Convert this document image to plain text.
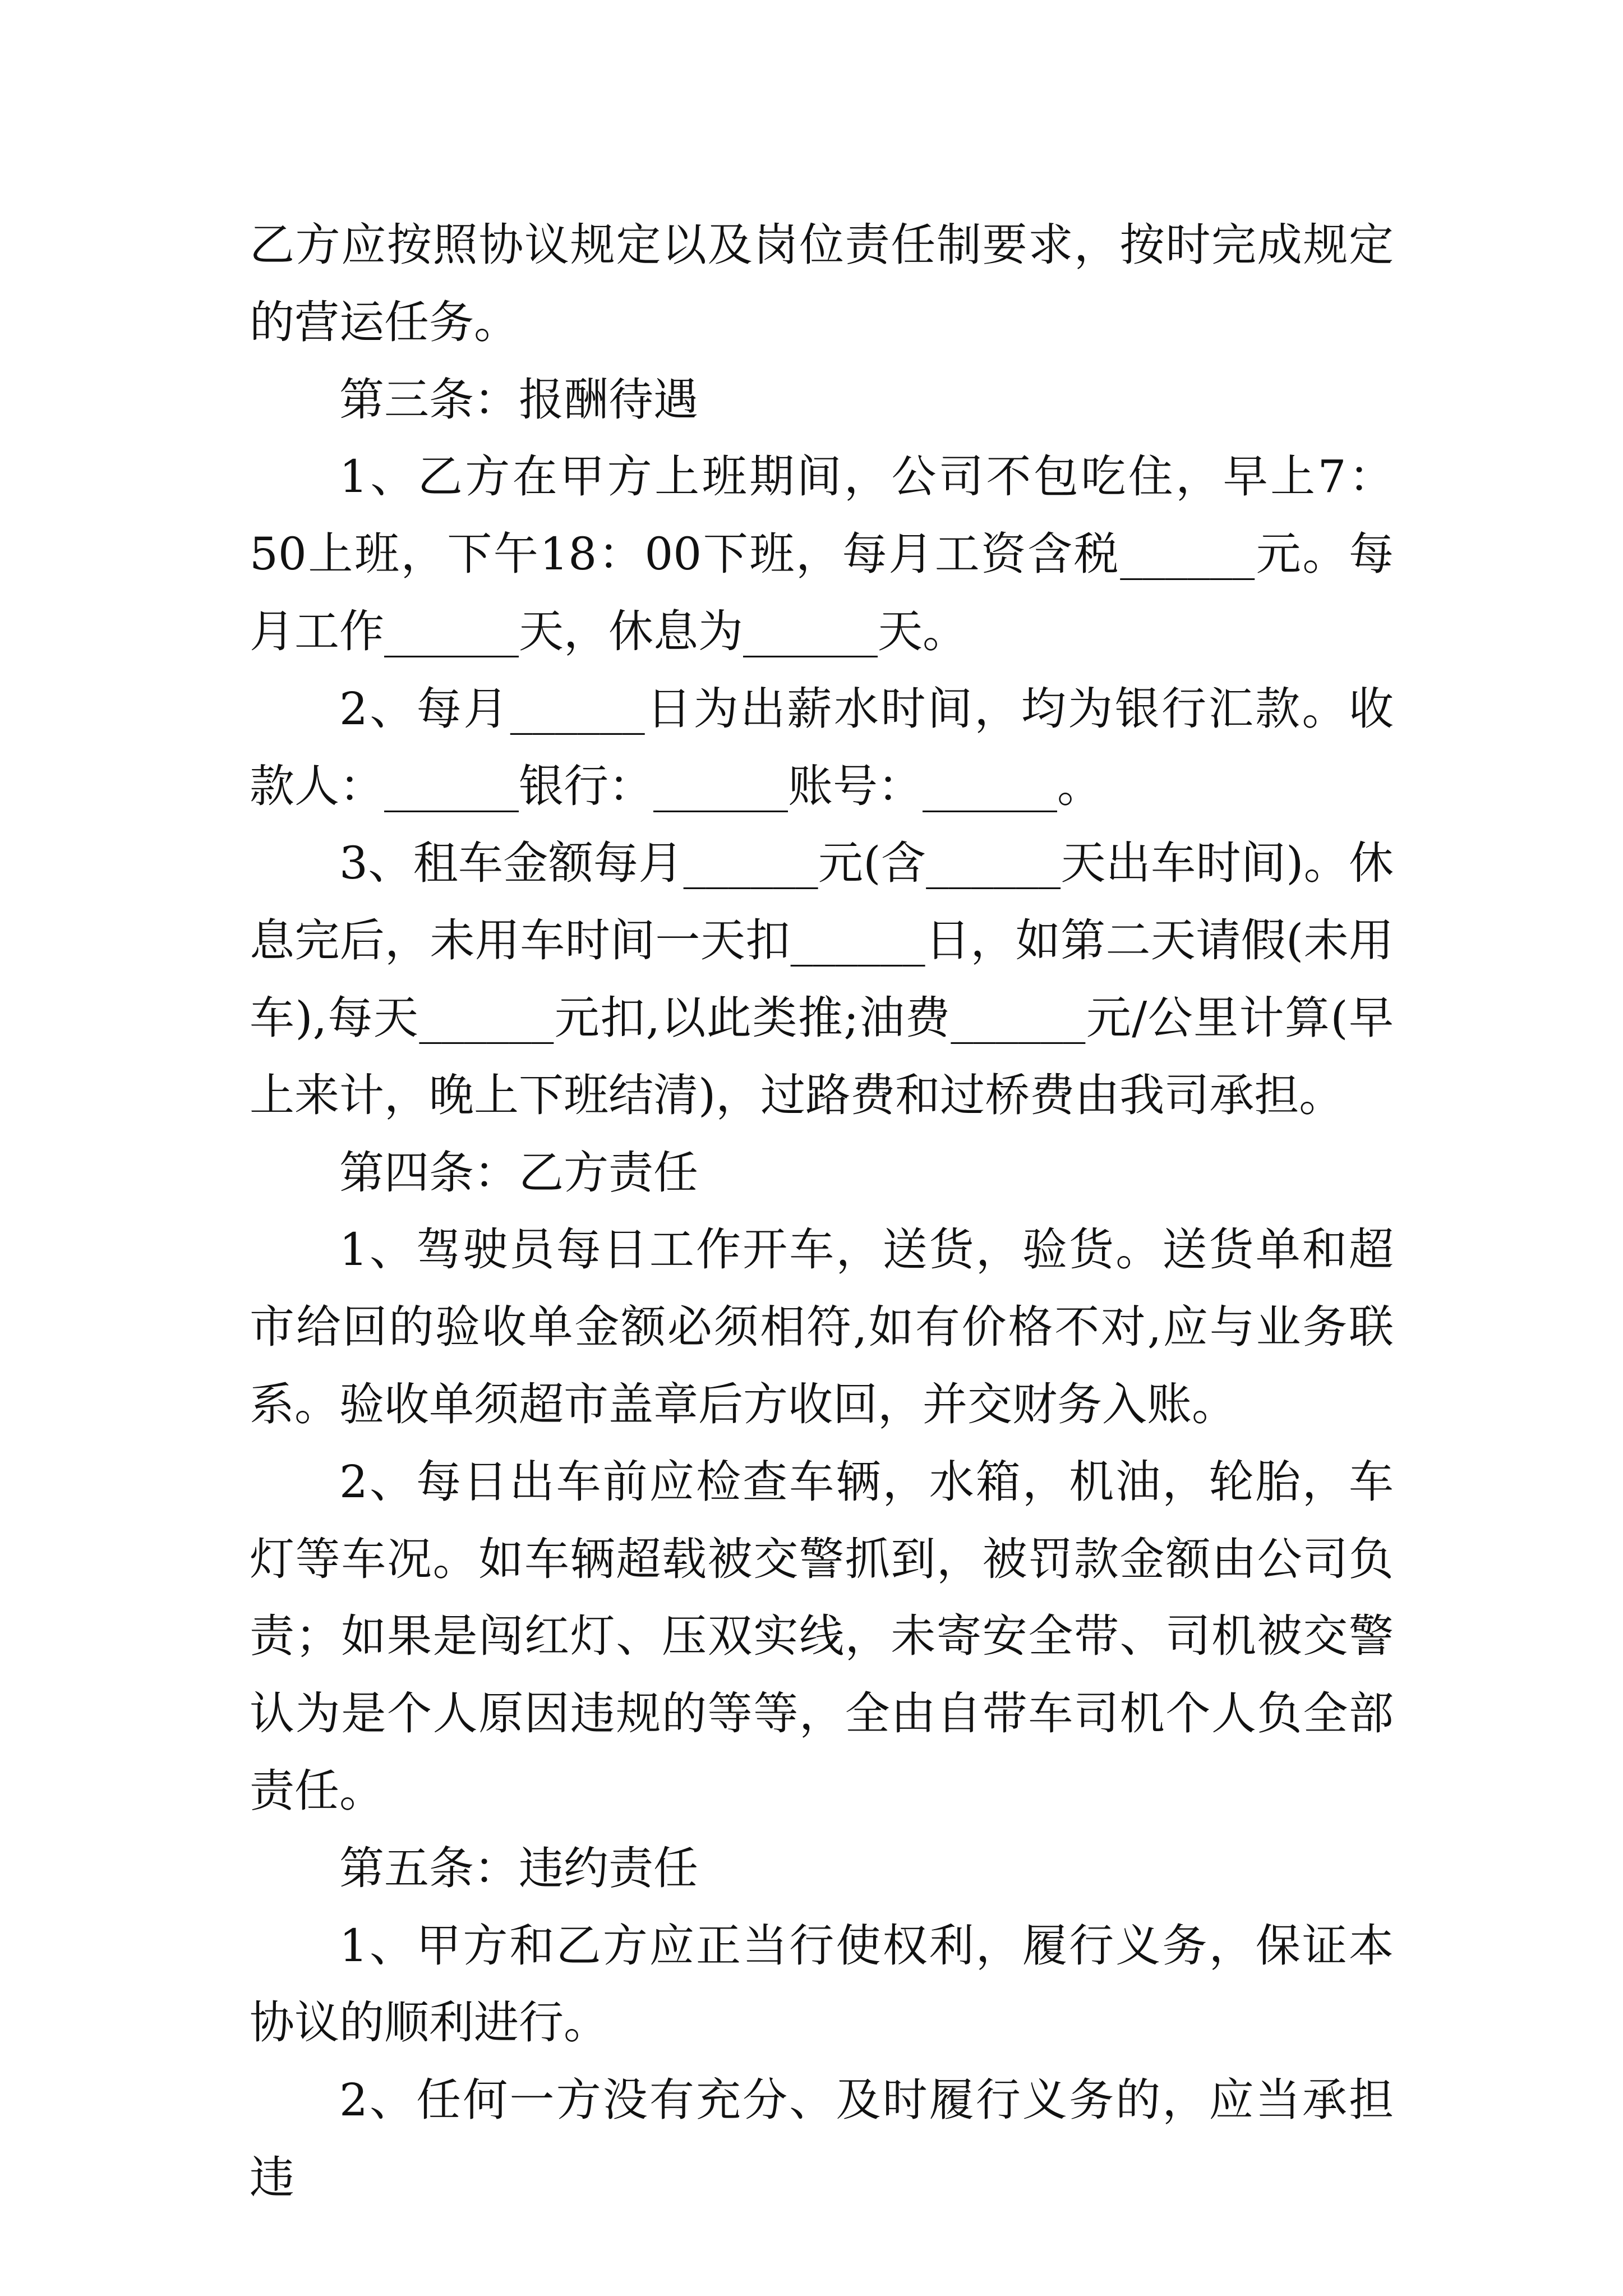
乙方应按照协议规定以及岗位责任制要求，按时完成规定的营运任务。

第三条：报酬待遇

1、乙方在甲方上班期间，公司不包吃住，早上7：50上班，下午18：00下班，每月工资含税______元。每月工作______天，休息为______天。

2、每月______日为出薪水时间，均为银行汇款。收款人：______银行：______账号：______。

3、租车金额每月______元(含______天出车时间)。休息完后，未用车时间一天扣______日，如第二天请假(未用车),每天______元扣,以此类推;油费______元/公里计算(早上来计，晚上下班结清)，过路费和过桥费由我司承担。

第四条：乙方责任

1、驾驶员每日工作开车，送货，验货。送货单和超市给回的验收单金额必须相符,如有价格不对,应与业务联系。验收单须超市盖章后方收回，并交财务入账。

2、每日出车前应检查车辆，水箱，机油，轮胎，车灯等车况。如车辆超载被交警抓到，被罚款金额由公司负责；如果是闯红灯、压双实线，未寄安全带、司机被交警认为是个人原因违规的等等，全由自带车司机个人负全部责任。

第五条：违约责任

1、甲方和乙方应正当行使权利，履行义务，保证本协议的顺利进行。

2、任何一方没有充分、及时履行义务的，应当承担违
